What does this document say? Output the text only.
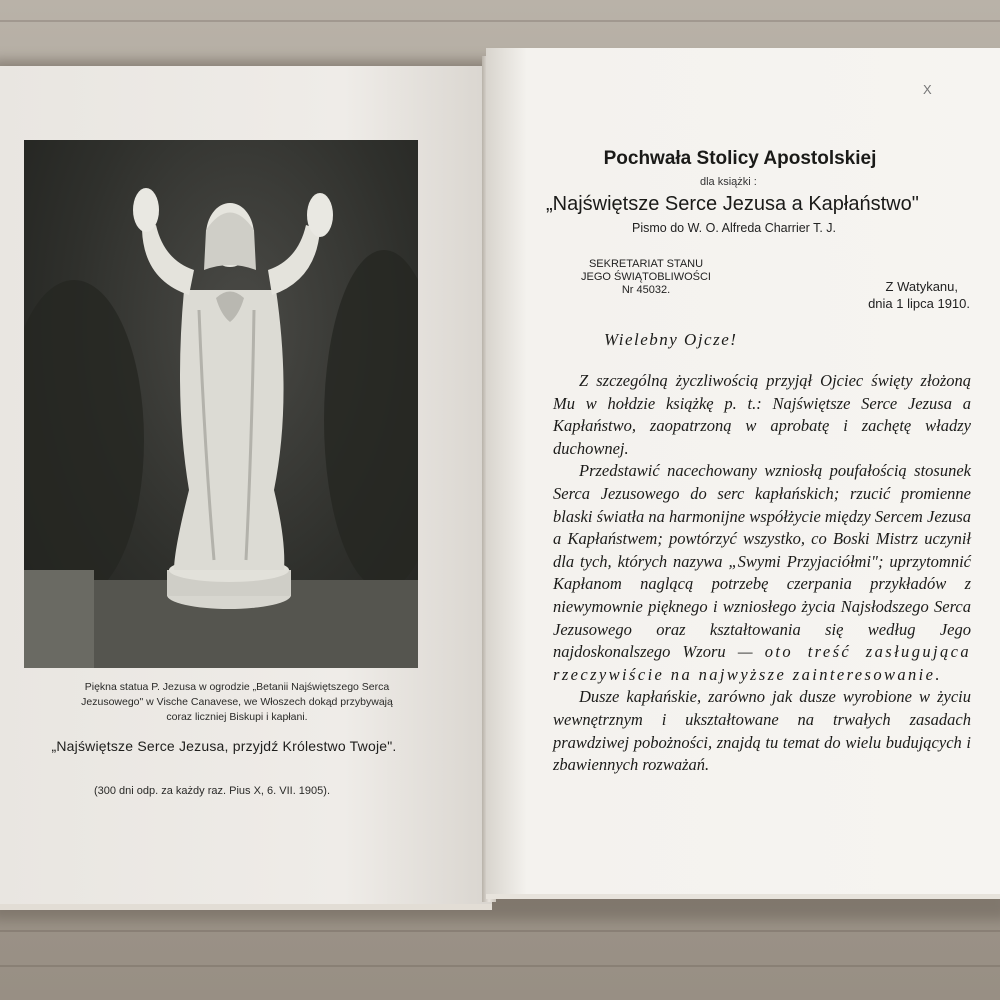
Piękna statua P. Jezusa w ogrodzie „Betanii Najświętszego Serca Jezusowego" w Vische Canavese, we Włoszech dokąd przybywają coraz liczniej Biskupi i kapłani.
„Najświętsze Serce Jezusa, przyjdź Królestwo Twoje".
(300 dni odp. za każdy raz. Pius X, 6. VII. 1905).
X
Pochwała Stolicy Apostolskiej
dla książki :
„Najświętsze Serce Jezusa a Kapłaństwo"
Pismo do W. O. Alfreda Charrier T. J.
SEKRETARIAT STANU
JEGO ŚWIĄTOBLIWOŚCI
Nr 45032.	Z Watykanu,
dnia 1 lipca 1910.
Wielebny Ojcze!

Z szczególną życzliwością przyjął Ojciec święty złożoną Mu w hołdzie książkę p. t.: Najświętsze Serce Jezusa a Kapłaństwo, zaopatrzoną w aprobatę i zachętę władzy duchownej.

Przedstawić nacechowany wzniosłą poufałością stosunek Serca Jezusowego do serc kapłańskich; rzucić promienne blaski światła na harmonijne współżycie między Sercem Jezusa a Kapłaństwem; powtórzyć wszystko, co Boski Mistrz uczynił dla tych, których nazywa „Swymi Przyjaciółmi"; uprzytomnić Kapłanom naglącą potrzebę czerpania przykładów z niewymownie pięknego i wzniosłego życia Najsłodszego Serca Jezusowego oraz kształtowania się według Jego najdoskonalszego Wzoru — oto treść zasługująca rzeczywiście na najwyższe zainteresowanie.

Dusze kapłańskie, zarówno jak dusze wyrobione w życiu wewnętrznym i ukształtowane na trwałych zasadach prawdziwej pobożności, znajdą tu temat do wielu budujących i zbawiennych rozważań.
